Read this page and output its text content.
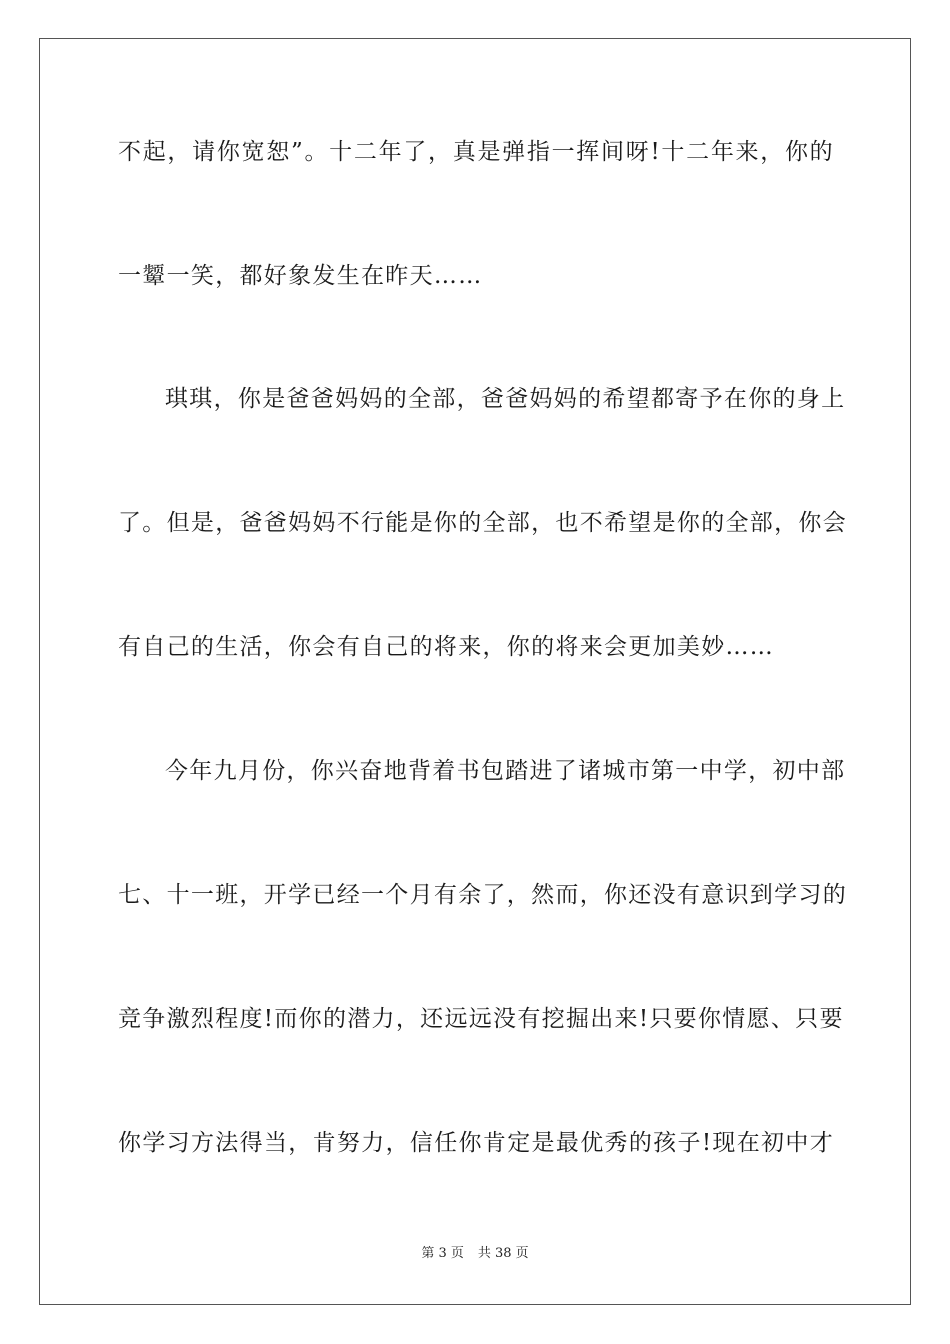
不起，请你宽恕”。十二年了，真是弹指一挥间呀!十二年来，你的
一颦一笑，都好象发生在昨天……
琪琪，你是爸爸妈妈的全部，爸爸妈妈的希望都寄予在你的身上
了。但是，爸爸妈妈不行能是你的全部，也不希望是你的全部，你会
有自己的生活，你会有自己的将来，你的将来会更加美妙……
今年九月份，你兴奋地背着书包踏进了诸城市第一中学，初中部
七、十一班，开学已经一个月有余了，然而，你还没有意识到学习的
竞争激烈程度!而你的潜力，还远远没有挖掘出来!只要你情愿、只要
你学习方法得当，肯努力，信任你肯定是最优秀的孩子!现在初中才
第 3 页 共 38 页
